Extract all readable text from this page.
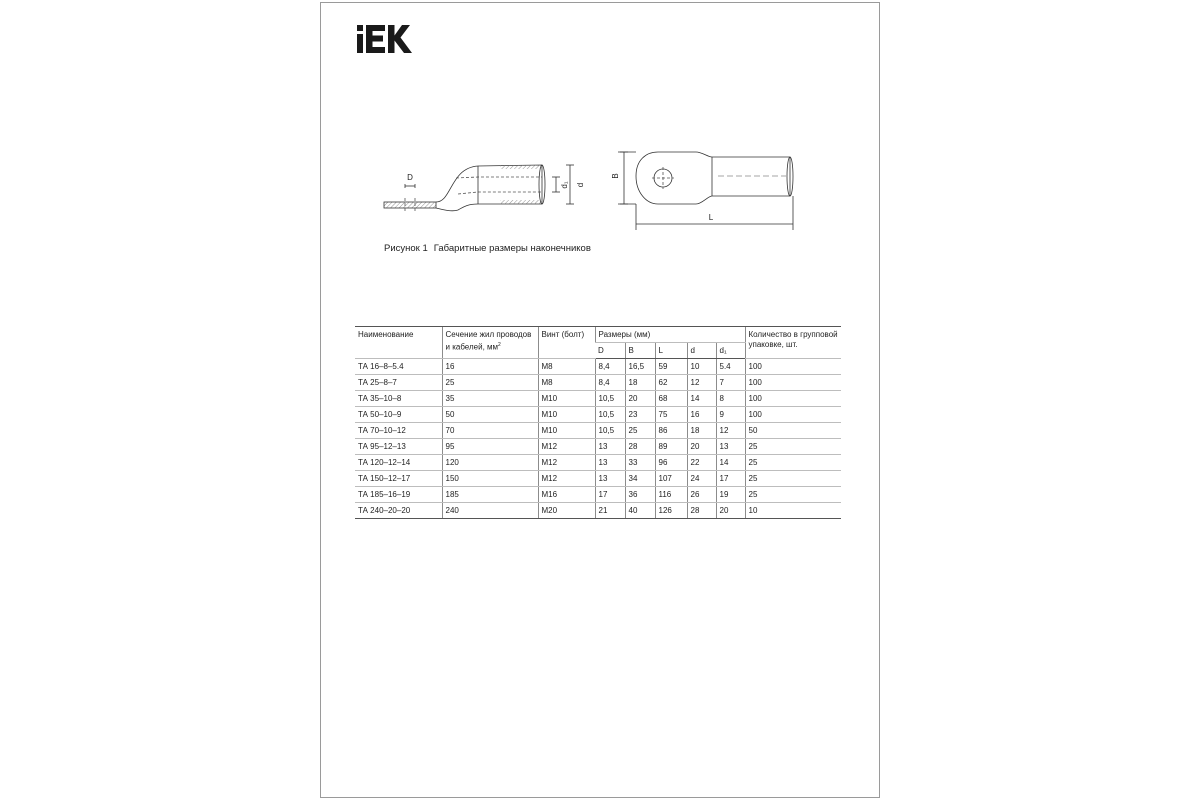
D
d₁ d
B
L
Рисунок 1 Габаритные размеры наконечников
Наименование	Сечение жил проводов и кабелей, $мм^2$	Винт (болт)	Размеры (мм)					Количество в групповой упаковке, шт.
			D	B	L	d	d₁	
ТА 16–8–5.4	16	М8	8,4	16,5	59	10	5.4	100
ТА 25–8–7	25	М8	8,4	18	62	12	7	100
ТА 35–10–8	35	М10	10,5	20	68	14	8	100
ТА 50–10–9	50	М10	10,5	23	75	16	9	100
ТА 70–10–12	70	М10	10,5	25	86	18	12	50
ТА 95–12–13	95	М12	13	28	89	20	13	25
ТА 120–12–14	120	М12	13	33	96	22	14	25
ТА 150–12–17	150	М12	13	34	107	24	17	25
ТА 185–16–19	185	М16	17	36	116	26	19	25
ТА 240–20–20	240	М20	21	40	126	28	20	10
